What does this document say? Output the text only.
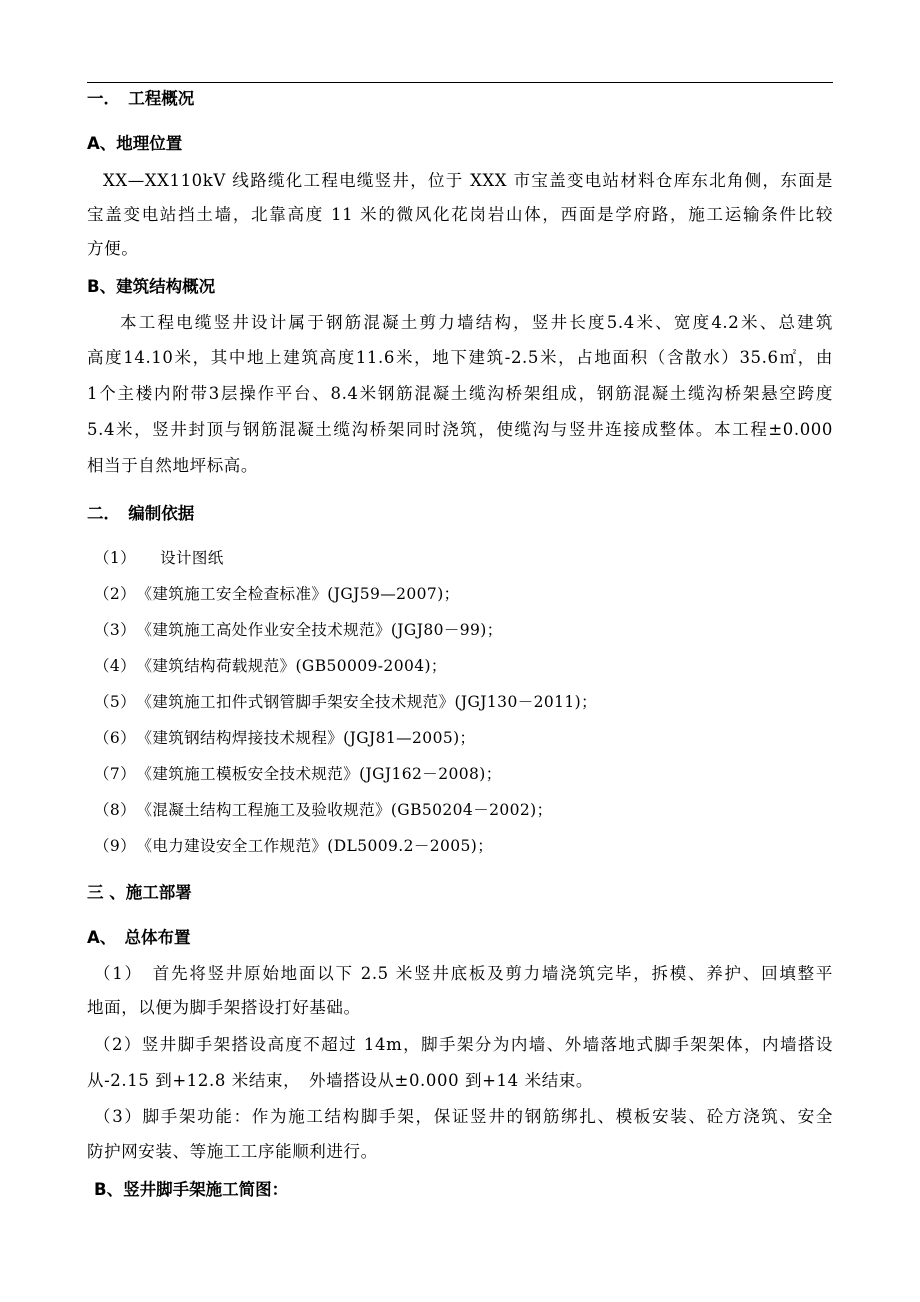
一．　工程概况
A、地理位置
XX—XX110kV 线路缆化工程电缆竖井，位于 XXX 市宝盖变电站材料仓库东北角侧，东面是
宝盖变电站挡土墙，北靠高度 11 米的微风化花岗岩山体，西面是学府路，施工运输条件比较
方便。
B、建筑结构概况
本工程电缆竖井设计属于钢筋混凝土剪力墙结构，竖井长度5.4米、宽度4.2米、总建筑
高度14.10米，其中地上建筑高度11.6米，地下建筑-2.5米，占地面积（含散水）35.6㎡，由
1个主楼内附带3层操作平台、8.4米钢筋混凝土缆沟桥架组成，钢筋混凝土缆沟桥架悬空跨度
5.4米，竖井封顶与钢筋混凝土缆沟桥架同时浇筑，使缆沟与竖井连接成整体。本工程±0.000
相当于自然地坪标高。
二．　编制依据
（1）　　设计图纸
（2）　《建筑施工安全检查标准》(JGJ59—2007)；
（3）　《建筑施工高处作业安全技术规范》(JGJ80－99)；
（4）　《建筑结构荷载规范》(GB50009-2004)；
（5）　《建筑施工扣件式钢管脚手架安全技术规范》(JGJ130－2011)；
（6）　《建筑钢结构焊接技术规程》(JGJ81—2005)；
（7）　《建筑施工模板安全技术规范》(JGJ162－2008)；
（8）　《混凝土结构工程施工及验收规范》(GB50204－2002)；
（9）　《电力建设安全工作规范》(DL5009.2－2005)；
三 、施工部署
A、　总体布置
（1）　首先将竖井原始地面以下 2.5 米竖井底板及剪力墙浇筑完毕，拆模、养护、回填整平
地面，以便为脚手架搭设打好基础。
（2）竖井脚手架搭设高度不超过 14m，脚手架分为内墙、外墙落地式脚手架架体，内墙搭设
从-2.15 到+12.8 米结束，　外墙搭设从±0.000 到+14 米结束。
（3）脚手架功能：作为施工结构脚手架，保证竖井的钢筋绑扎、模板安装、砼方浇筑、安全
防护网安装、等施工工序能顺利进行。
B、竖井脚手架施工简图：
